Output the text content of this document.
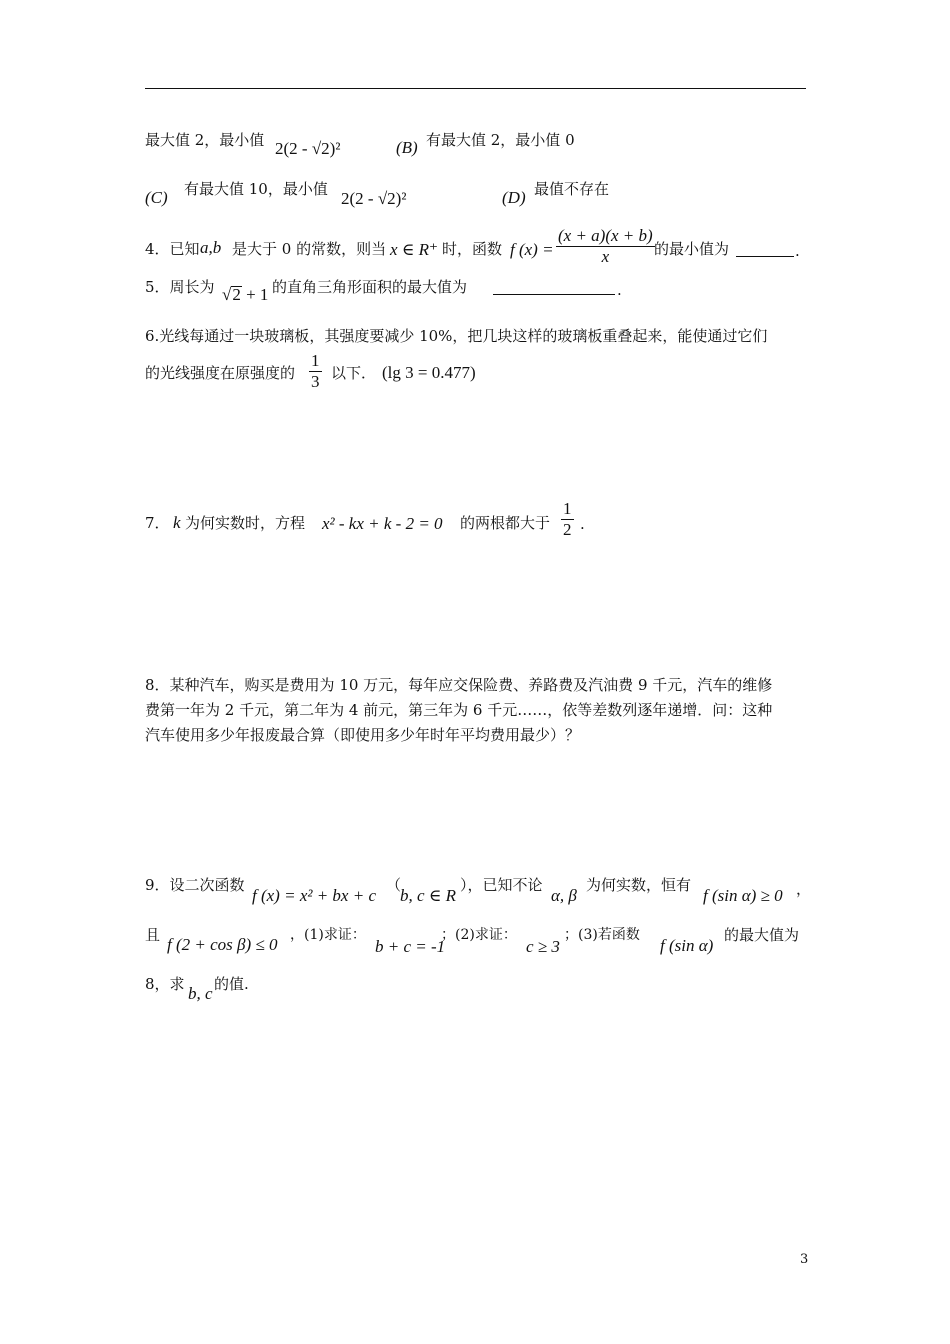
最大值 2，最小值 2(2 - √2)²	(B) 有最大值 2，最小值 0
(C) 有最大值 10，最小值 2(2 - √2)²	(D) 最值不存在
4．已知 a,b 是大于 0 的常数，则当 x ∈ R⁺ 时，函数 f $(x) = \frac{(x + a)(x + b)}{x}$ 的最小值为	.
5．周长为 √2 + 1 的直角三角形面积的最大值为	.
6.光线每通过一块玻璃板，其强度要减少 10%，把几块这样的玻璃板重叠起来，能使通过它们
的光线强度在原强度的 $\frac{1}{3}$ 以下． (lg 3 = 0.477)
7． k 为何实数时，方程 x² - kx + k - 2 = 0 的两根都大于 $\frac{1}{2}$ .
8．某种汽车，购买是费用为 10 万元，每年应交保险费、养路费及汽油费 9 千元，汽车的维修
费第一年为 2 千元，第二年为 4 前元，第三年为 6 千元……，依等差数列逐年递增．问：这种
汽车使用多少年报废最合算（即使用多少年时年平均费用最少）？
9．设二次函数
f (x) = x² + bx + c
（
b, c ∈ R
），已知不论
α, β
为何实数，恒有
f (sin α) ≥ 0 ，
且 f (2 + cos β) ≤ 0 ，(1)求证：
b + c = -1
；(2)求证：
c ≥ 3
；(3)若函数
f (sin α)
的最大值为
8，求 b, c 的值.
3
